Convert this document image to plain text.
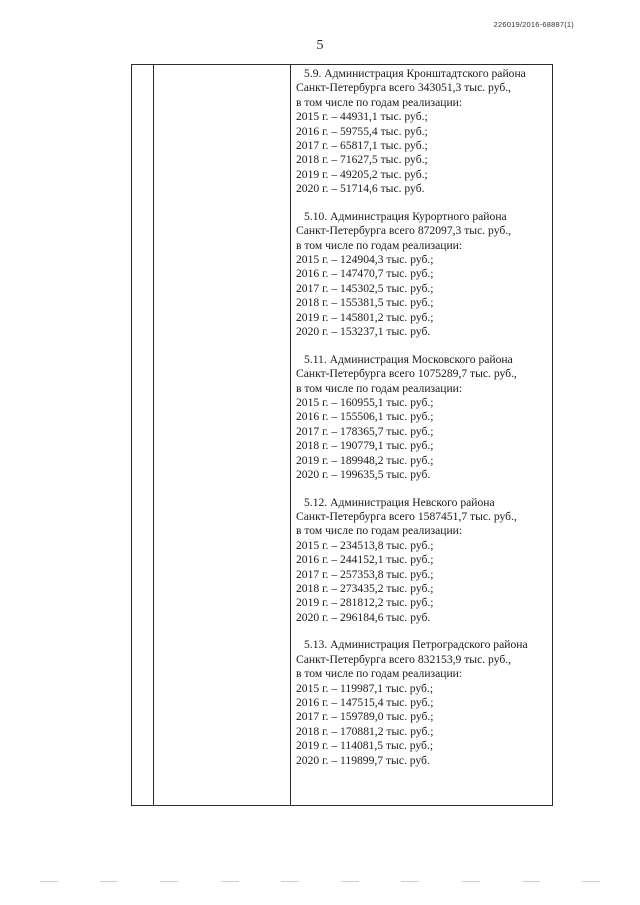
226019/2016-68887(1)
5
5.9. Администрация Кронштадтского района
Санкт-Петербурга всего 343051,3 тыс. руб.,
в том числе по годам реализации:
2015 г. – 44931,1 тыс. руб.;
2016 г. – 59755,4 тыс. руб.;
2017 г. – 65817,1 тыс. руб.;
2018 г. – 71627,5 тыс. руб.;
2019 г. – 49205,2 тыс. руб.;
2020 г. – 51714,6 тыс. руб.
5.10. Администрация Курортного района
Санкт-Петербурга всего 872097,3 тыс. руб.,
в том числе по годам реализации:
2015 г. – 124904,3 тыс. руб.;
2016 г. – 147470,7 тыс. руб.;
2017 г. – 145302,5 тыс. руб.;
2018 г. – 155381,5 тыс. руб.;
2019 г. – 145801,2 тыс. руб.;
2020 г. – 153237,1 тыс. руб.
5.11. Администрация Московского района
Санкт-Петербурга всего 1075289,7 тыс. руб.,
в том числе по годам реализации:
2015 г. – 160955,1 тыс. руб.;
2016 г. – 155506,1 тыс. руб.;
2017 г. – 178365,7 тыс. руб.;
2018 г. – 190779,1 тыс. руб.;
2019 г. – 189948,2 тыс. руб.;
2020 г. – 199635,5 тыс. руб.
5.12. Администрация Невского района
Санкт-Петербурга всего 1587451,7 тыс. руб.,
в том числе по годам реализации:
2015 г. – 234513,8 тыс. руб.;
2016 г. – 244152,1 тыс. руб.;
2017 г. – 257353,8 тыс. руб.;
2018 г. – 273435,2 тыс. руб.;
2019 г. – 281812,2 тыс. руб.;
2020 г. – 296184,6 тыс. руб.
5.13. Администрация Петроградского района
Санкт-Петербурга всего 832153,9 тыс. руб.,
в том числе по годам реализации:
2015 г. – 119987,1 тыс. руб.;
2016 г. – 147515,4 тыс. руб.;
2017 г. – 159789,0 тыс. руб.;
2018 г. – 170881,2 тыс. руб.;
2019 г. – 114081,5 тыс. руб.;
2020 г. – 119899,7 тыс. руб.
